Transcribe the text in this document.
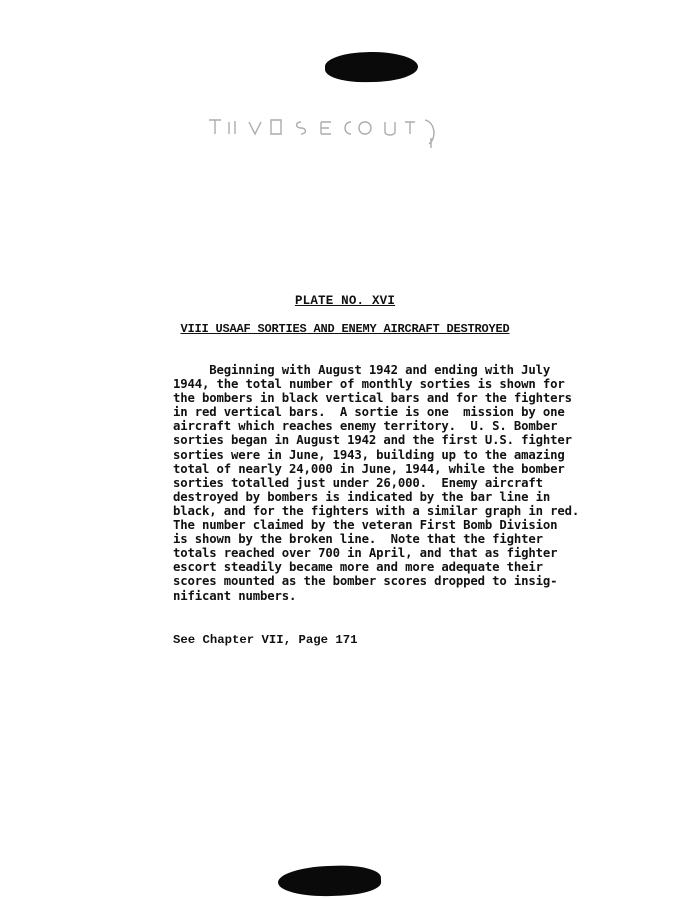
PLATE NO. XVI
VIII USAAF SORTIES AND ENEMY AIRCRAFT DESTROYED
Beginning with August 1942 and ending with July
1944, the total number of monthly sorties is shown for
the bombers in black vertical bars and for the fighters
in red vertical bars.  A sortie is one  mission by one
aircraft which reaches enemy territory.  U. S. Bomber
sorties began in August 1942 and the first U.S. fighter
sorties were in June, 1943, building up to the amazing
total of nearly 24,000 in June, 1944, while the bomber
sorties totalled just under 26,000.  Enemy aircraft
destroyed by bombers is indicated by the bar line in
black, and for the fighters with a similar graph in red.
The number claimed by the veteran First Bomb Division
is shown by the broken line.  Note that the fighter
totals reached over 700 in April, and that as fighter
escort steadily became more and more adequate their
scores mounted as the bomber scores dropped to insig-
nificant numbers.
See Chapter VII, Page 171
